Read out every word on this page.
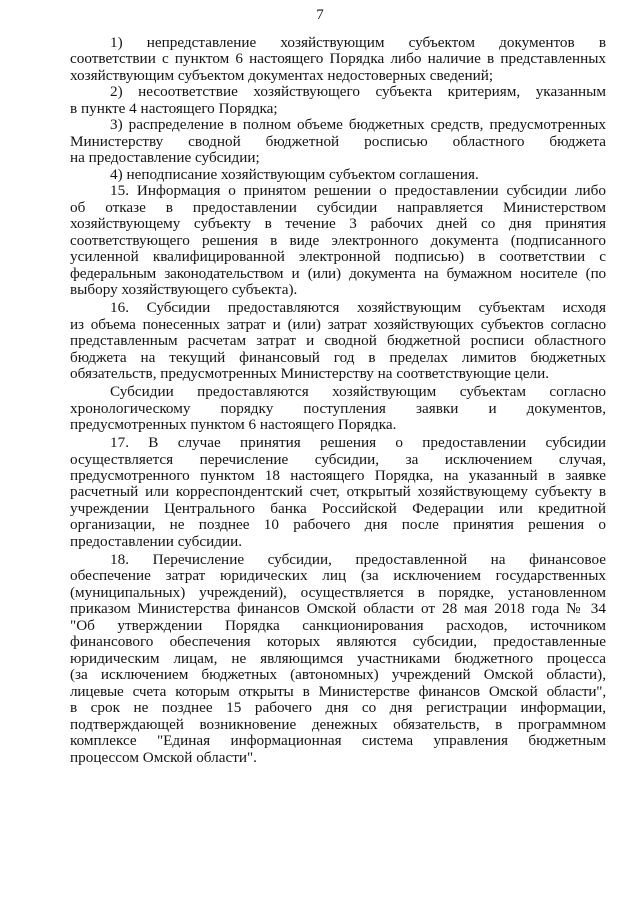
7
1) непредставление хозяйствующим субъектом документов в
соответствии с пунктом 6 настоящего Порядка либо наличие в представленных
хозяйствующим субъектом документах недостоверных сведений;
2) несоответствие хозяйствующего субъекта критериям, указанным
в пункте 4 настоящего Порядка;
3) распределение в полном объеме бюджетных средств, предусмотренных
Министерству сводной бюджетной росписью областного бюджета
на предоставление субсидии;
4) неподписание хозяйствующим субъектом соглашения.
15. Информация о принятом решении о предоставлении субсидии либо
об отказе в предоставлении субсидии направляется Министерством
хозяйствующему субъекту в течение 3 рабочих дней со дня принятия
соответствующего решения в виде электронного документа (подписанного
усиленной квалифицированной электронной подписью) в соответствии с
федеральным законодательством и (или) документа на бумажном носителе (по
выбору хозяйствующего субъекта).
16. Субсидии предоставляются хозяйствующим субъектам исходя
из объема понесенных затрат и (или) затрат хозяйствующих субъектов согласно
представленным расчетам затрат и сводной бюджетной росписи областного
бюджета на текущий финансовый год в пределах лимитов бюджетных
обязательств, предусмотренных Министерству на соответствующие цели.
Субсидии предоставляются хозяйствующим субъектам согласно
хронологическому порядку поступления заявки и документов,
предусмотренных пунктом 6 настоящего Порядка.
17. В случае принятия решения о предоставлении субсидии
осуществляется перечисление субсидии, за исключением случая,
предусмотренного пунктом 18 настоящего Порядка, на указанный в заявке
расчетный или корреспондентский счет, открытый хозяйствующему субъекту в
учреждении Центрального банка Российской Федерации или кредитной
организации, не позднее 10 рабочего дня после принятия решения о
предоставлении субсидии.
18. Перечисление субсидии, предоставленной на финансовое
обеспечение затрат юридических лиц (за исключением государственных
(муниципальных) учреждений), осуществляется в порядке, установленном
приказом Министерства финансов Омской области от 28 мая 2018 года № 34
"Об утверждении Порядка санкционирования расходов, источником
финансового обеспечения которых являются субсидии, предоставленные
юридическим лицам, не являющимся участниками бюджетного процесса
(за исключением бюджетных (автономных) учреждений Омской области),
лицевые счета которым открыты в Министерстве финансов Омской области",
в срок не позднее 15 рабочего дня со дня регистрации информации,
подтверждающей возникновение денежных обязательств, в программном
комплексе "Единая информационная система управления бюджетным
процессом Омской области".
